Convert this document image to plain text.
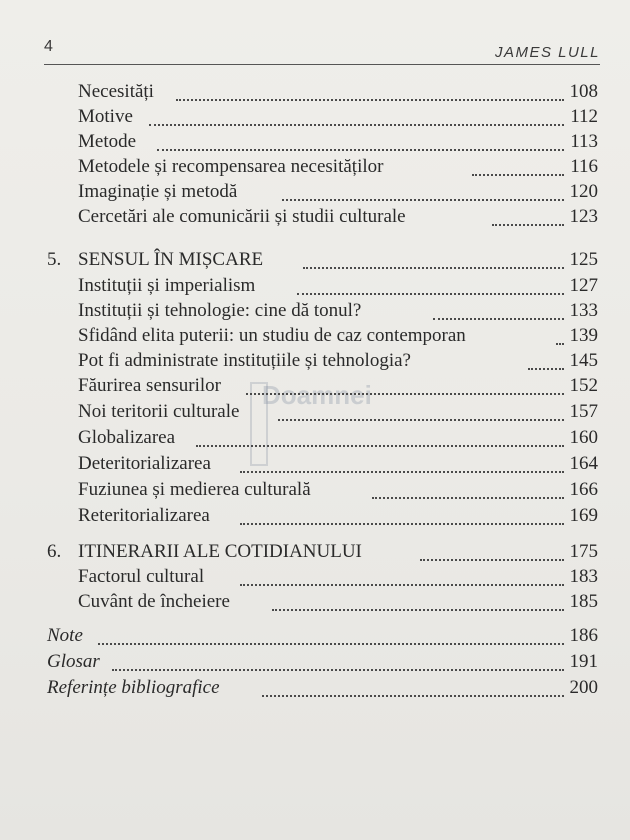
4	JAMES LULL
Doamnei
Necesități	108
Motive	112
Metode	113
Metodele și recompensarea necesităților	116
Imaginație și metodă	120
Cercetări ale comunicării și studii culturale	123
5. SENSUL ÎN MIȘCARE	125
Instituții și imperialism	127
Instituții și tehnologie: cine dă tonul?	133
Sfidând elita puterii: un studiu de caz contemporan	139
Pot fi administrate instituțiile și tehnologia?	145
Făurirea sensurilor	152
Noi teritorii culturale	157
Globalizarea	160
Deteritorializarea	164
Fuziunea și medierea culturală	166
Reteritorializarea	169
6. ITINERARII ALE COTIDIANULUI	175
Factorul cultural	183
Cuvânt de încheiere	185
Note	186
Glosar	191
Referințe bibliografice	200
